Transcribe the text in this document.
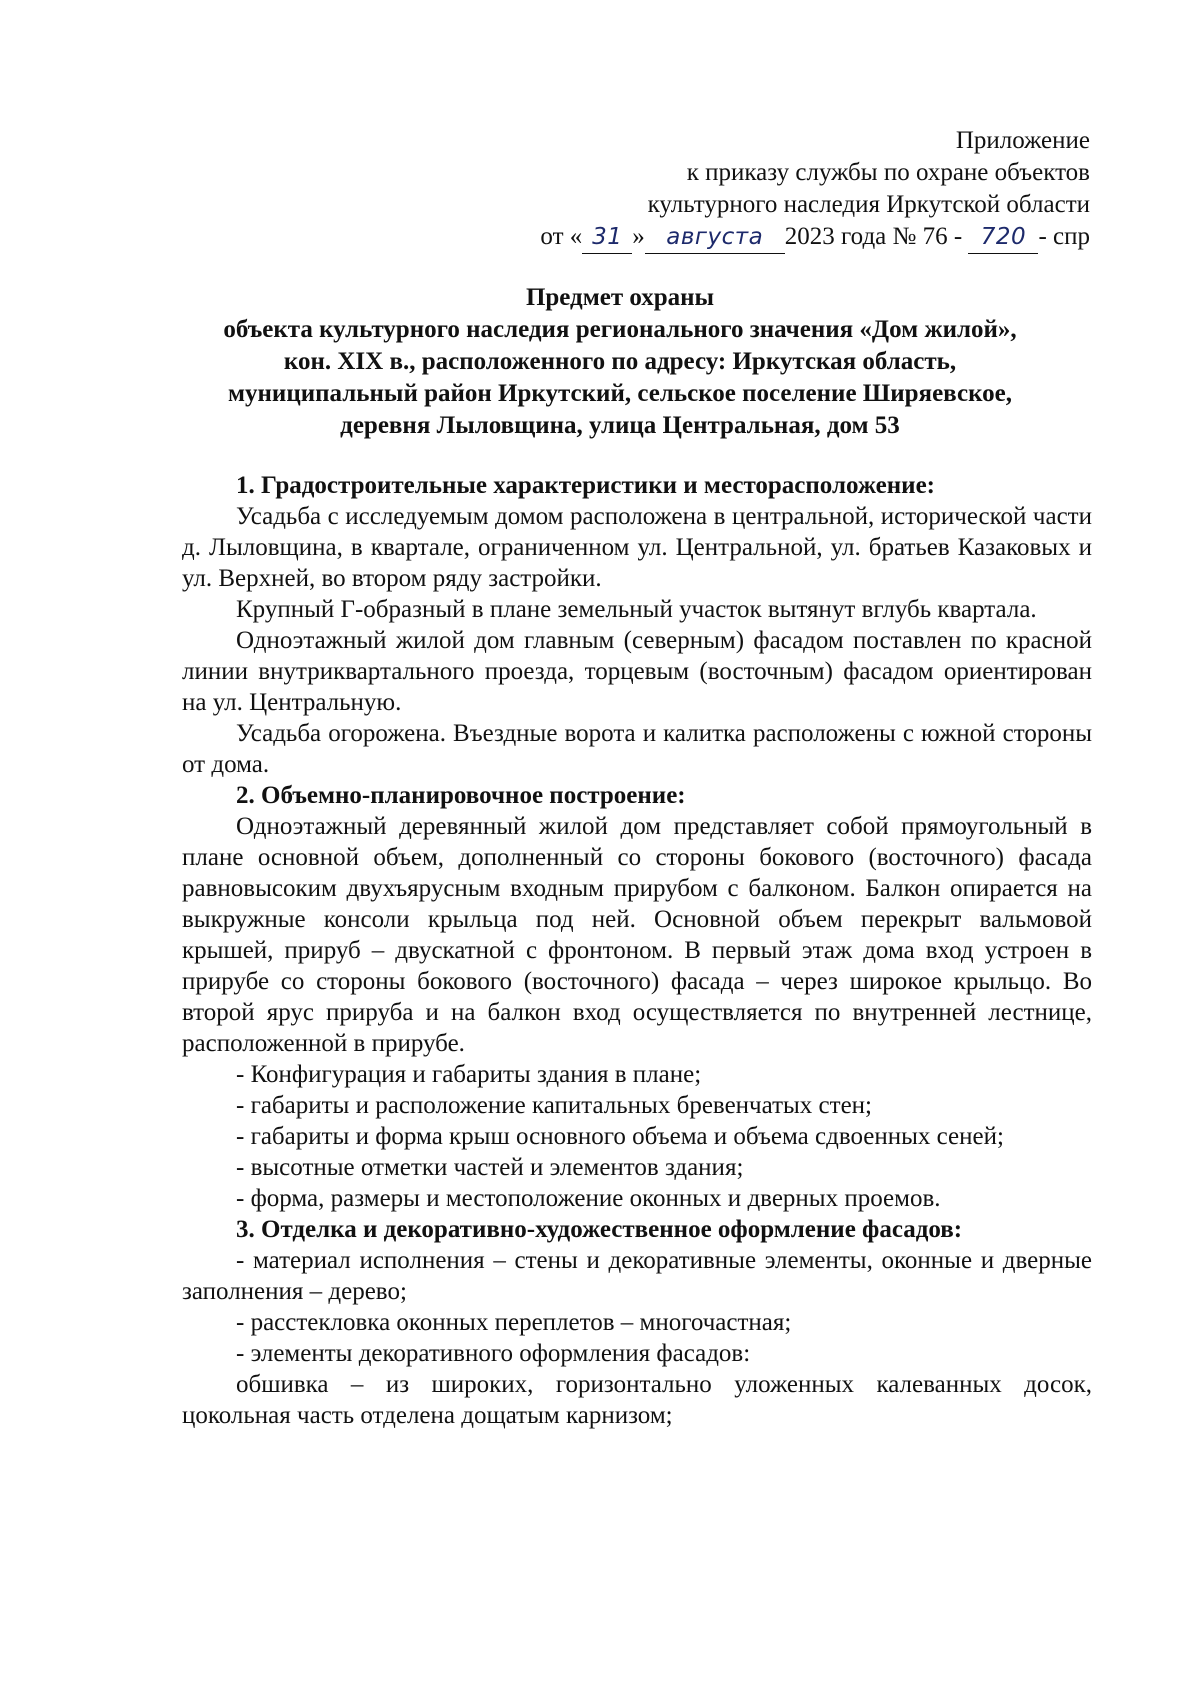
Приложение
к приказу службы по охране объектов
культурного наследия Иркутской области
от « 31 » августа 2023 года № 76 - 720 - спр
Предмет охраны
объекта культурного наследия регионального значения «Дом жилой»,
кон. XIX в., расположенного по адресу: Иркутская область,
муниципальный район Иркутский, сельское поселение Ширяевское,
деревня Лыловщина, улица Центральная, дом 53

1. Градостроительные характеристики и месторасположение:

Усадьба с исследуемым домом расположена в центральной, исторической части д. Лыловщина, в квартале, ограниченном ул. Центральной, ул. братьев Казаковых и ул. Верхней, во втором ряду застройки.

Крупный Г-образный в плане земельный участок вытянут вглубь квартала.

Одноэтажный жилой дом главным (северным) фасадом поставлен по красной линии внутриквартального проезда, торцевым (восточным) фасадом ориентирован на ул. Центральную.

Усадьба огорожена. Въездные ворота и калитка расположены с южной стороны от дома.

2. Объемно-планировочное построение:

Одноэтажный деревянный жилой дом представляет собой прямоугольный в плане основной объем, дополненный со стороны бокового (восточного) фасада равновысоким двухъярусным входным прирубом с балконом. Балкон опирается на выкружные консоли крыльца под ней. Основной объем перекрыт вальмовой крышей, прируб – двускатной с фронтоном. В первый этаж дома вход устроен в прирубе со стороны бокового (восточного) фасада – через широкое крыльцо. Во второй ярус прируба и на балкон вход осуществляется по внутренней лестнице, расположенной в прирубе.

- Конфигурация и габариты здания в плане;

- габариты и расположение капитальных бревенчатых стен;

- габариты и форма крыш основного объема и объема сдвоенных сеней;

- высотные отметки частей и элементов здания;

- форма, размеры и местоположение оконных и дверных проемов.

3. Отделка и декоративно-художественное оформление фасадов:

- материал исполнения – стены и декоративные элементы, оконные и дверные заполнения – дерево;

- расстекловка оконных переплетов – многочастная;

- элементы декоративного оформления фасадов:

обшивка – из широких, горизонтально уложенных калеванных досок, цокольная часть отделена дощатым карнизом;
